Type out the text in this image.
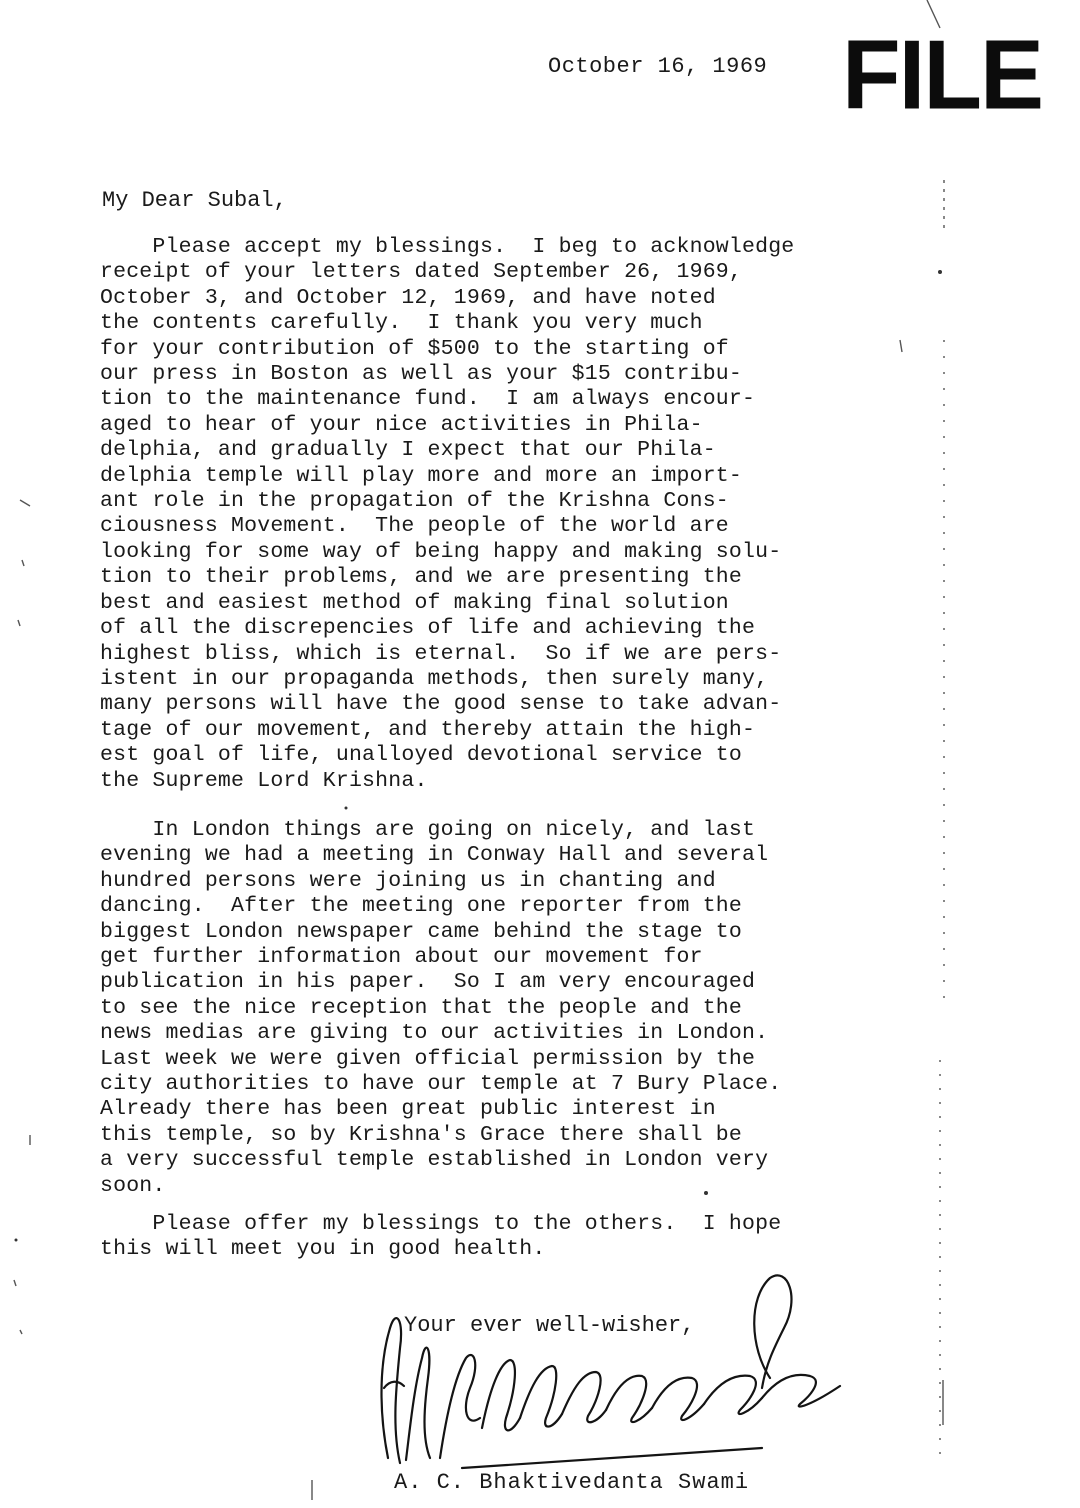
October 16, 1969 FILE
My Dear Subal,
Please accept my blessings.  I beg to acknowledge
receipt of your letters dated September 26, 1969,
October 3, and October 12, 1969, and have noted
the contents carefully.  I thank you very much
for your contribution of $500 to the starting of
our press in Boston as well as your $15 contribu-
tion to the maintenance fund.  I am always encour-
aged to hear of your nice activities in Phila-
delphia, and gradually I expect that our Phila-
delphia temple will play more and more an import-
ant role in the propagation of the Krishna Cons-
ciousness Movement.  The people of the world are
looking for some way of being happy and making solu-
tion to their problems, and we are presenting the
best and easiest method of making final solution
of all the discrepencies of life and achieving the
highest bliss, which is eternal.  So if we are pers-
istent in our propaganda methods, then surely many,
many persons will have the good sense to take advan-
tage of our movement, and thereby attain the high-
est goal of life, unalloyed devotional service to
the Supreme Lord Krishna.
In London things are going on nicely, and last
evening we had a meeting in Conway Hall and several
hundred persons were joining us in chanting and
dancing.  After the meeting one reporter from the
biggest London newspaper came behind the stage to
get further information about our movement for
publication in his paper.  So I am very encouraged
to see the nice reception that the people and the
news medias are giving to our activities in London.
Last week we were given official permission by the
city authorities to have our temple at 7 Bury Place.
Already there has been great public interest in
this temple, so by Krishna's Grace there shall be
a very successful temple established in London very
soon.
Please offer my blessings to the others.  I hope
this will meet you in good health.
Your ever well-wisher,
A. C. Bhaktivedanta Swami
